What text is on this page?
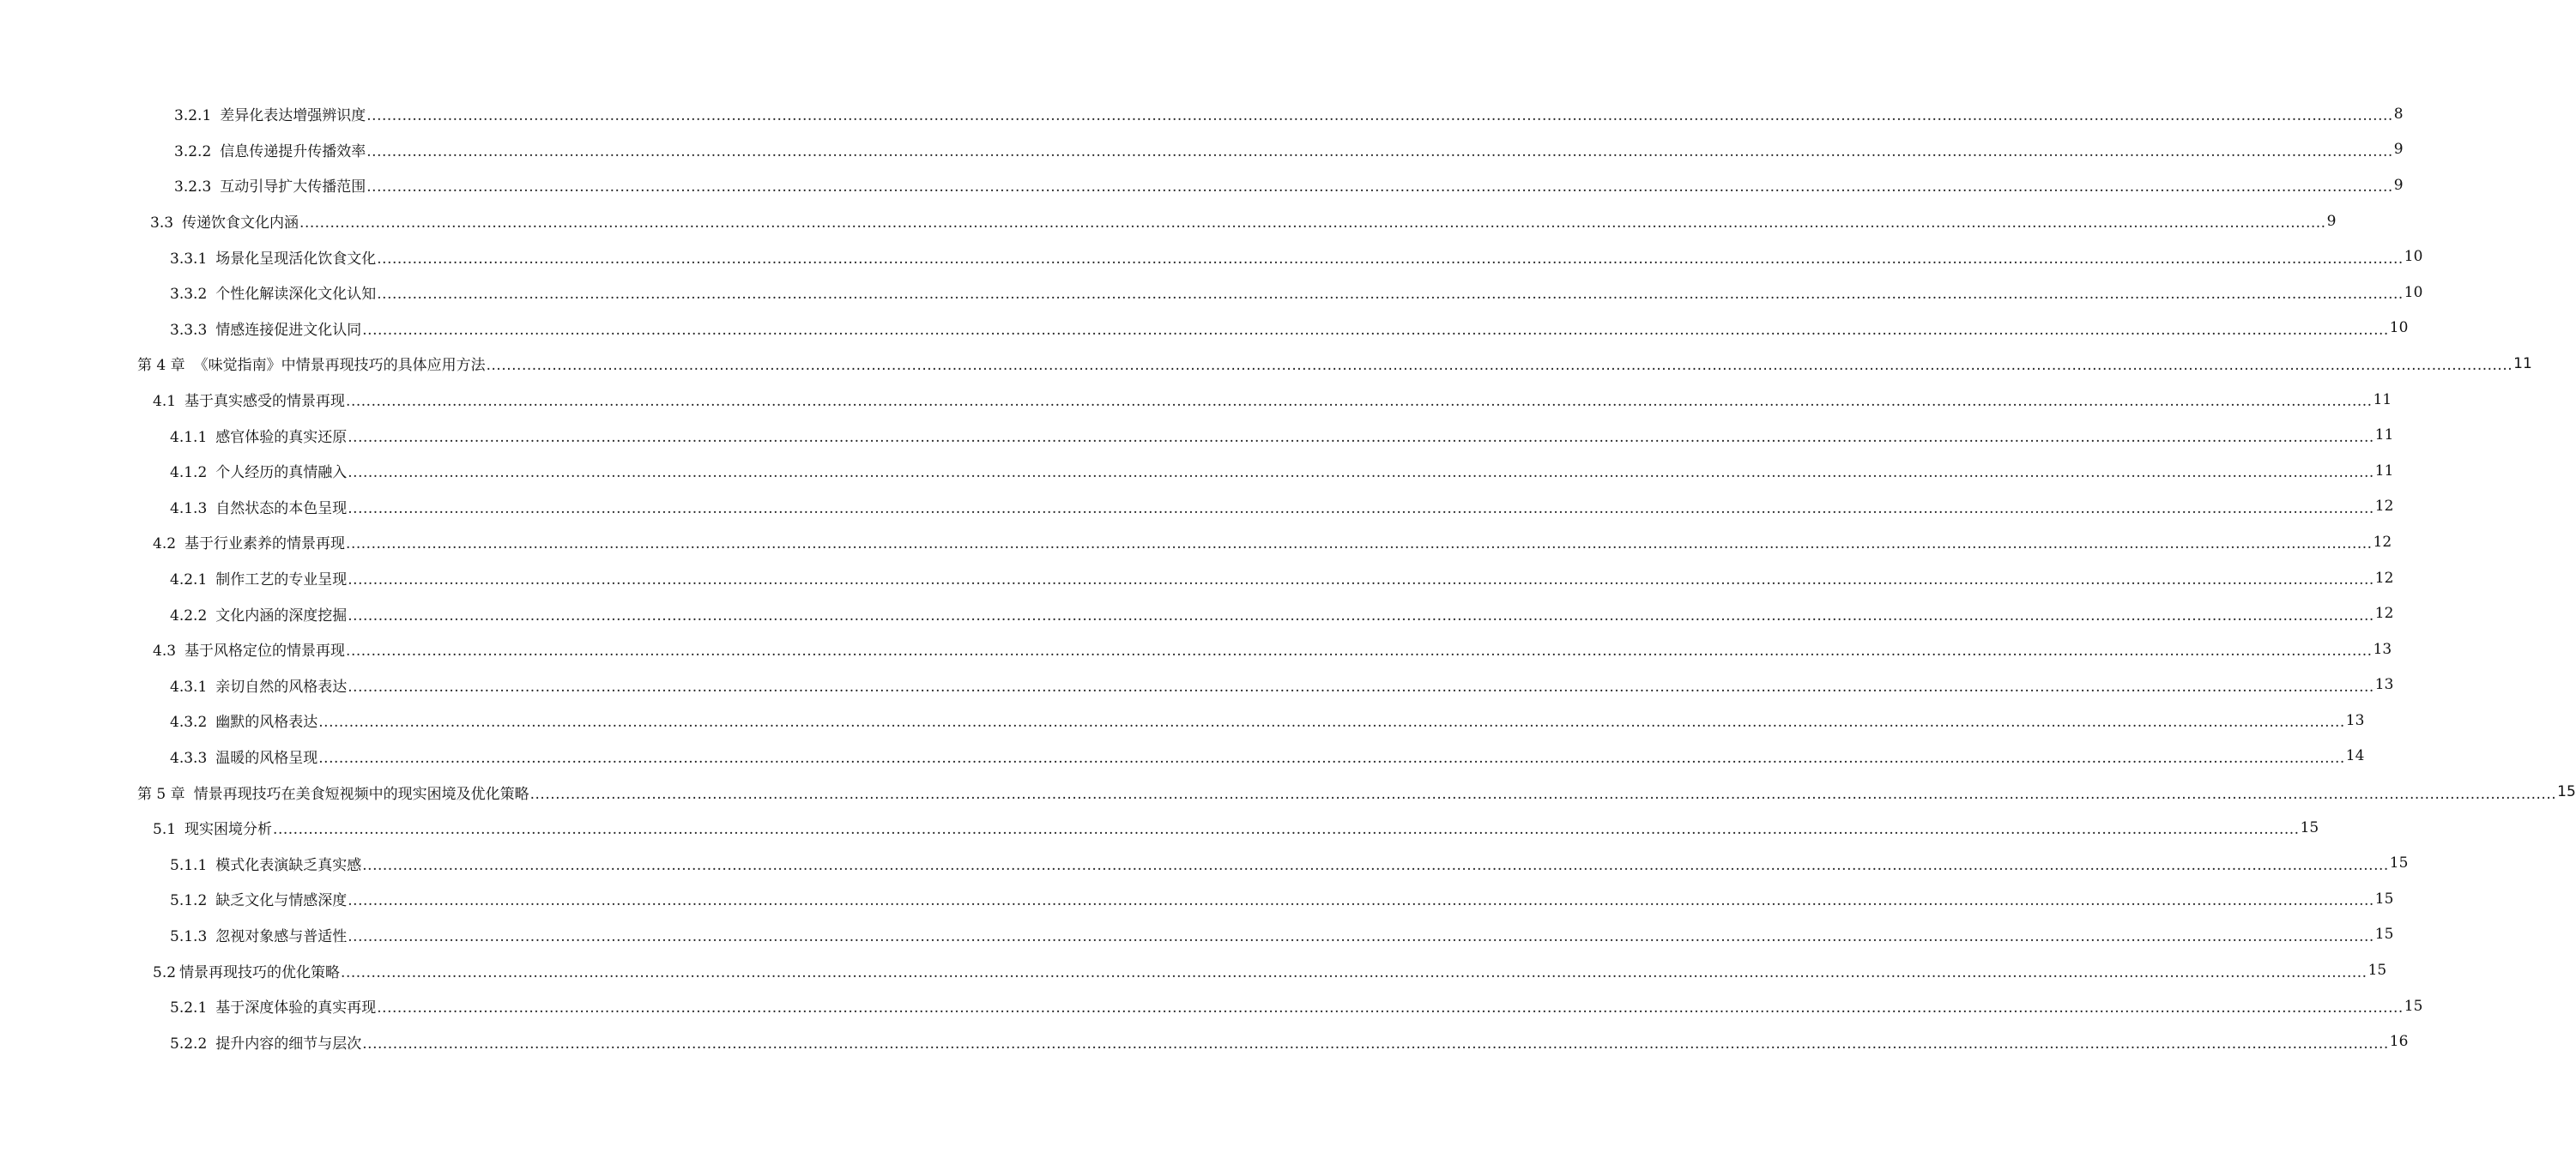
3.2.1 差异化表达增强辨识度 ................................................................................................................................................................................................................................................................................................................................................................................................................ 8
3.2.2 信息传递提升传播效率 ................................................................................................................................................................................................................................................................................................................................................................................................................ 9
3.2.3 互动引导扩大传播范围 ................................................................................................................................................................................................................................................................................................................................................................................................................ 9
3.3 传递饮食文化内涵 ................................................................................................................................................................................................................................................................................................................................................................................................................ 9
3.3.1 场景化呈现活化饮食文化 ................................................................................................................................................................................................................................................................................................................................................................................................................ 10
3.3.2 个性化解读深化文化认知 ................................................................................................................................................................................................................................................................................................................................................................................................................ 10
3.3.3 情感连接促进文化认同 ................................................................................................................................................................................................................................................................................................................................................................................................................ 10
第 4 章 《味觉指南》中情景再现技巧的具体应用方法 ................................................................................................................................................................................................................................................................................................................................................................................................................ 11
4.1 基于真实感受的情景再现 ................................................................................................................................................................................................................................................................................................................................................................................................................ 11
4.1.1 感官体验的真实还原 ................................................................................................................................................................................................................................................................................................................................................................................................................ 11
4.1.2 个人经历的真情融入 ................................................................................................................................................................................................................................................................................................................................................................................................................ 11
4.1.3 自然状态的本色呈现 ................................................................................................................................................................................................................................................................................................................................................................................................................ 12
4.2 基于行业素养的情景再现 ................................................................................................................................................................................................................................................................................................................................................................................................................ 12
4.2.1 制作工艺的专业呈现 ................................................................................................................................................................................................................................................................................................................................................................................................................ 12
4.2.2 文化内涵的深度挖掘 ................................................................................................................................................................................................................................................................................................................................................................................................................ 12
4.3 基于风格定位的情景再现 ................................................................................................................................................................................................................................................................................................................................................................................................................ 13
4.3.1 亲切自然的风格表达 ................................................................................................................................................................................................................................................................................................................................................................................................................ 13
4.3.2 幽默的风格表达 ................................................................................................................................................................................................................................................................................................................................................................................................................ 13
4.3.3 温暖的风格呈现 ................................................................................................................................................................................................................................................................................................................................................................................................................ 14
第 5 章 情景再现技巧在美食短视频中的现实困境及优化策略 ................................................................................................................................................................................................................................................................................................................................................................................................................ 15
5.1 现实困境分析 ................................................................................................................................................................................................................................................................................................................................................................................................................ 15
5.1.1 模式化表演缺乏真实感 ................................................................................................................................................................................................................................................................................................................................................................................................................ 15
5.1.2 缺乏文化与情感深度 ................................................................................................................................................................................................................................................................................................................................................................................................................ 15
5.1.3 忽视对象感与普适性 ................................................................................................................................................................................................................................................................................................................................................................................................................ 15
5.2 情景再现技巧的优化策略 ................................................................................................................................................................................................................................................................................................................................................................................................................ 15
5.2.1 基于深度体验的真实再现 ................................................................................................................................................................................................................................................................................................................................................................................................................ 15
5.2.2 提升内容的细节与层次 ................................................................................................................................................................................................................................................................................................................................................................................................................ 16
